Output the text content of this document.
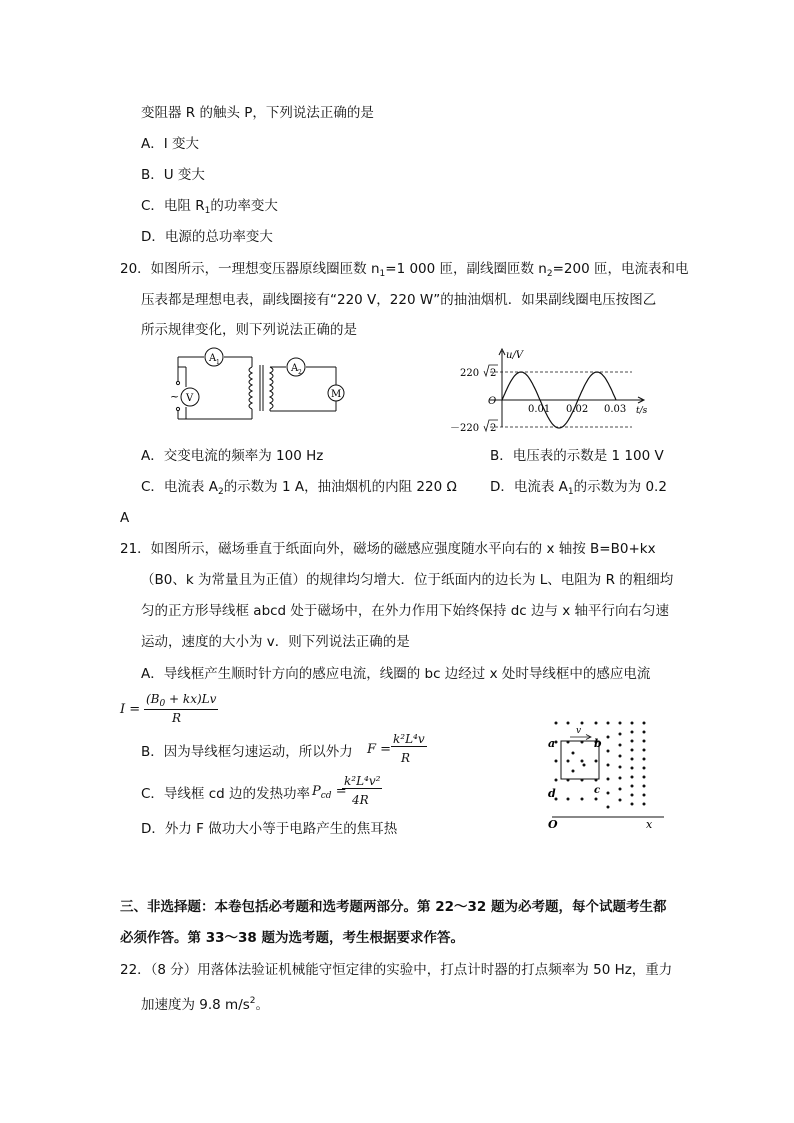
变阻器 R 的触头 P，下列说法正确的是
A．I 变大
B．U 变大
C．电阻 $R_1$的功率变大
D．电源的总功率变大
20．如图所示，一理想变压器原线圈匝数 $n_1=1$ 000 匝，副线圈匝数 $n_2=200$ 匝，电流表和电
压表都是理想电表，副线圈接有“220 V，220 W”的抽油烟机．如果副线圈电压按图乙
所示规律变化，则下列说法正确的是
~
A 1
V
A 2
M
u/V
t/s
O
220 2
－220 2
0.01 0.02 0.03
A．交变电流的频率为 100 Hz	B．电压表的示数是 1 100 V
C．电流表 $A_2$的示数为 1 A，抽油烟机的内阻 220 Ω D．电流表 $A_1$的示数为为 0.2
A
21．如图所示，磁场垂直于纸面向外，磁场的磁感应强度随水平向右的 x 轴按 B=B0+kx
（B0、k 为常量且为正值）的规律均匀增大．位于纸面内的边长为 L、电阻为 R 的粗细均
匀的正方形导线框 abcd 处于磁场中，在外力作用下始终保持 dc 边与 x 轴平行向右匀速
运动，速度的大小为 v．则下列说法正确的是
A．导线框产生顺时针方向的感应电流，线圈的 bc 边经过 x 处时导线框中的感应电流
I =
$(B_0 + kx)Lv$
R
B．因为导线框匀速运动，所以外力 F =
k²L⁴v
R
C．导线框 cd 边的发热功率 $P_{cd}$ =
k²L⁴v²
4R
D．外力 F 做功大小等于电路产生的焦耳热
v
a	b
c
d
O	x
三、非选择题：本卷包括必考题和选考题两部分。第 22～32 题为必考题，每个试题考生都
必须作答。第 33～38 题为选考题，考生根据要求作答。
22．（8 分）用落体法验证机械能守恒定律的实验中，打点计时器的打点频率为 50 Hz，重力
加速度为 9.8 $m/s^2$。
